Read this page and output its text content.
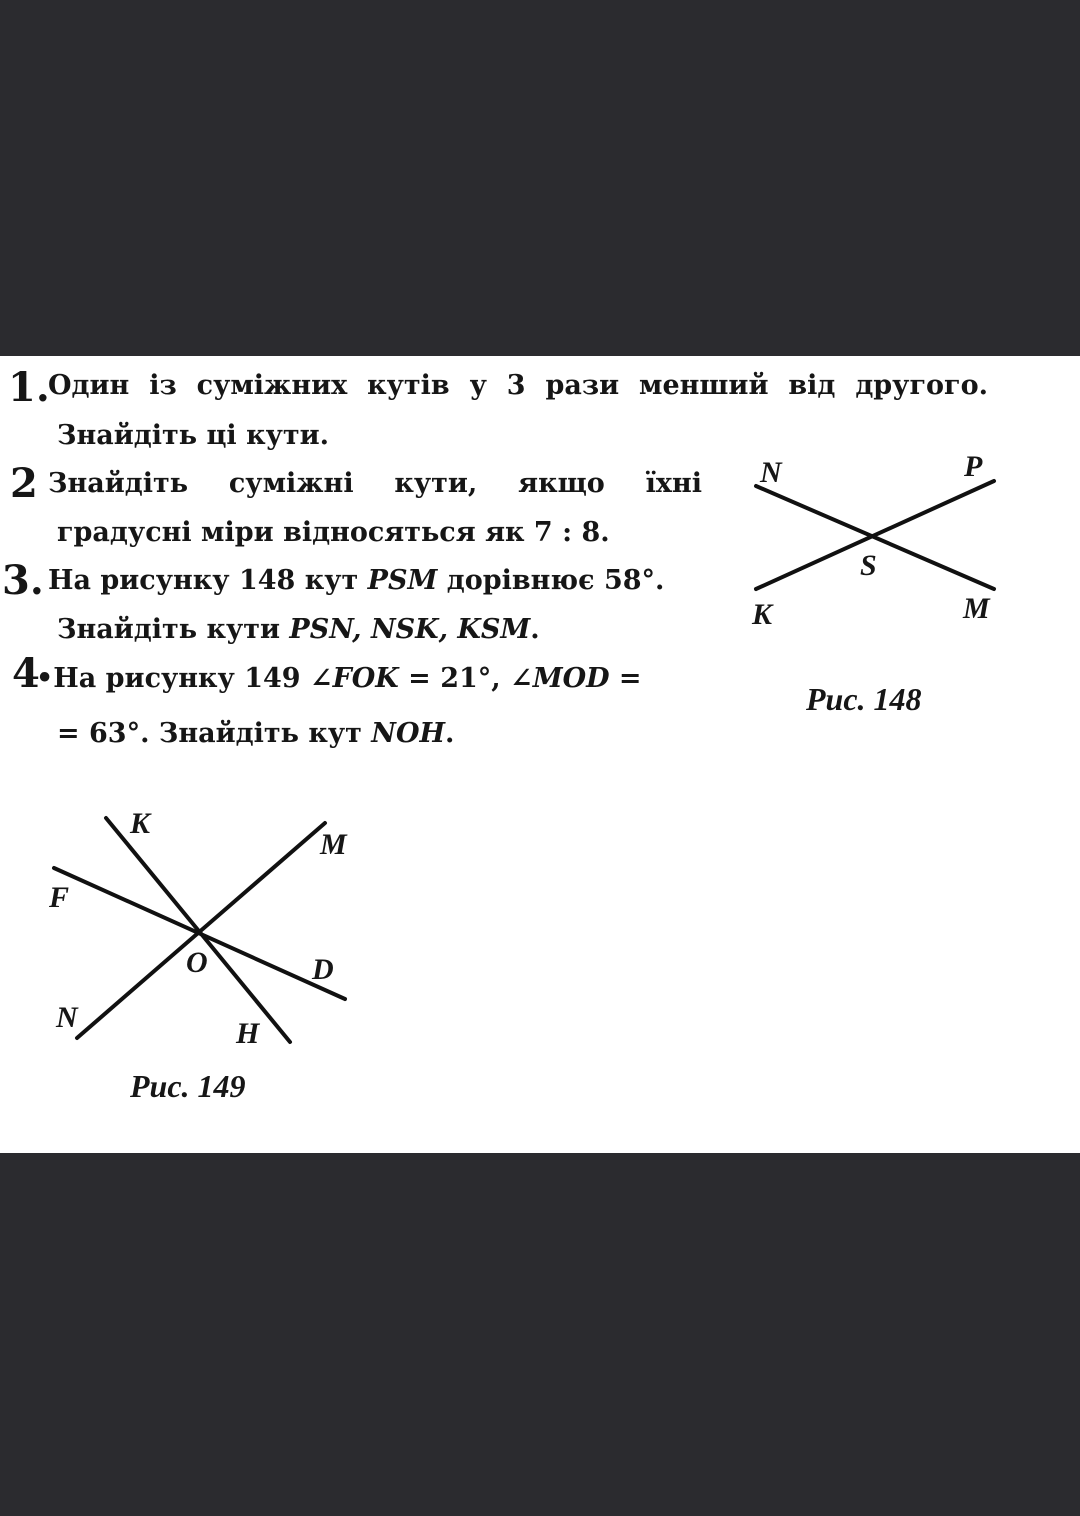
1.
Один із суміжних кутів у 3 рази менший від другого.
Знайдіть ці кути.
2 Знайдіть суміжні кути, якщо їхні
градусні міри відносяться як 7 : 8.
3. На рисунку 148 кут PSM дорівнює 58°.
Знайдіть кути PSN, NSK, KSM.
4
•На рисунку 149 ∠FOK = 21°, ∠MOD =
= 63°. Знайдіть кут NOH.
N	P
S
K	M
Рис. 148
K
M
F
O	D
N	H
Рис. 149
